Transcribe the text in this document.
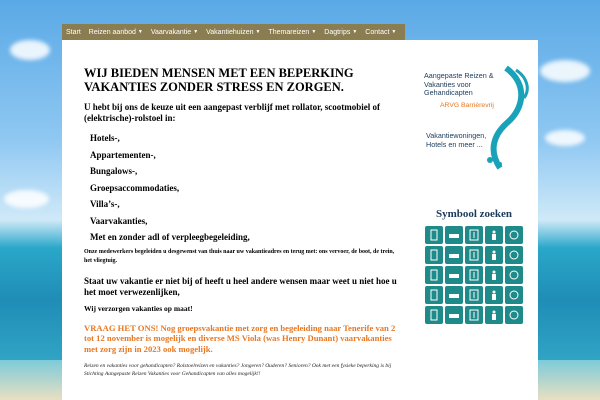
Start Reizen aanbod ▼ Vaarvakantie ▼ Vakantiehuizen ▼ Themareizen ▼ Dagtrips ▼ Contact ▼
WIJ BIEDEN MENSEN MET EEN BEPERKING VAKANTIES ZONDER STRESS EN ZORGEN.
U hebt bij ons de keuze uit een aangepast verblijf met rollator, scootmobiel of (elektrische)-rolstoel in:
Hotels-,
Appartementen-,
Bungalows-,
Groepsaccommodaties,
Villa’s-,
Vaarvakanties,
Met en zonder adl of verpleegbegeleiding,
Onze medewerkers begeleiden u desgewenst van thuis naar uw vakantieadres en terug met: ons vervoer, de boot, de trein, het vliegtuig.
Staat uw vakantie er niet bij of heeft u heel andere wensen maar weet u niet hoe u het moet verwezenlijken,
Wij verzorgen vakanties op maat!
VRAAG HET ONS! Nog groepsvakantie met zorg en begeleiding naar Tenerife van 2 tot 12 november is mogelijk en diverse MS Viola (was Henry Dunant) vaarvakanties met zorg zijn in 2023 ook mogelijk.
Reizen en vakanties voor gehandicapten? Rolstoelreizen en vakanties? Jongeren? Ouderen? Senioren? Ook met een fysieke beperking is bij Stichting Aangepaste Reizen Vakanties voor Gehandicapten van alles mogelijk!!
Aangepaste Reizen & Vakanties voor Gehandicapten
ARVG Barrièrevrij
Vakantiewoningen, Hotels en meer ...
Symbool zoeken
